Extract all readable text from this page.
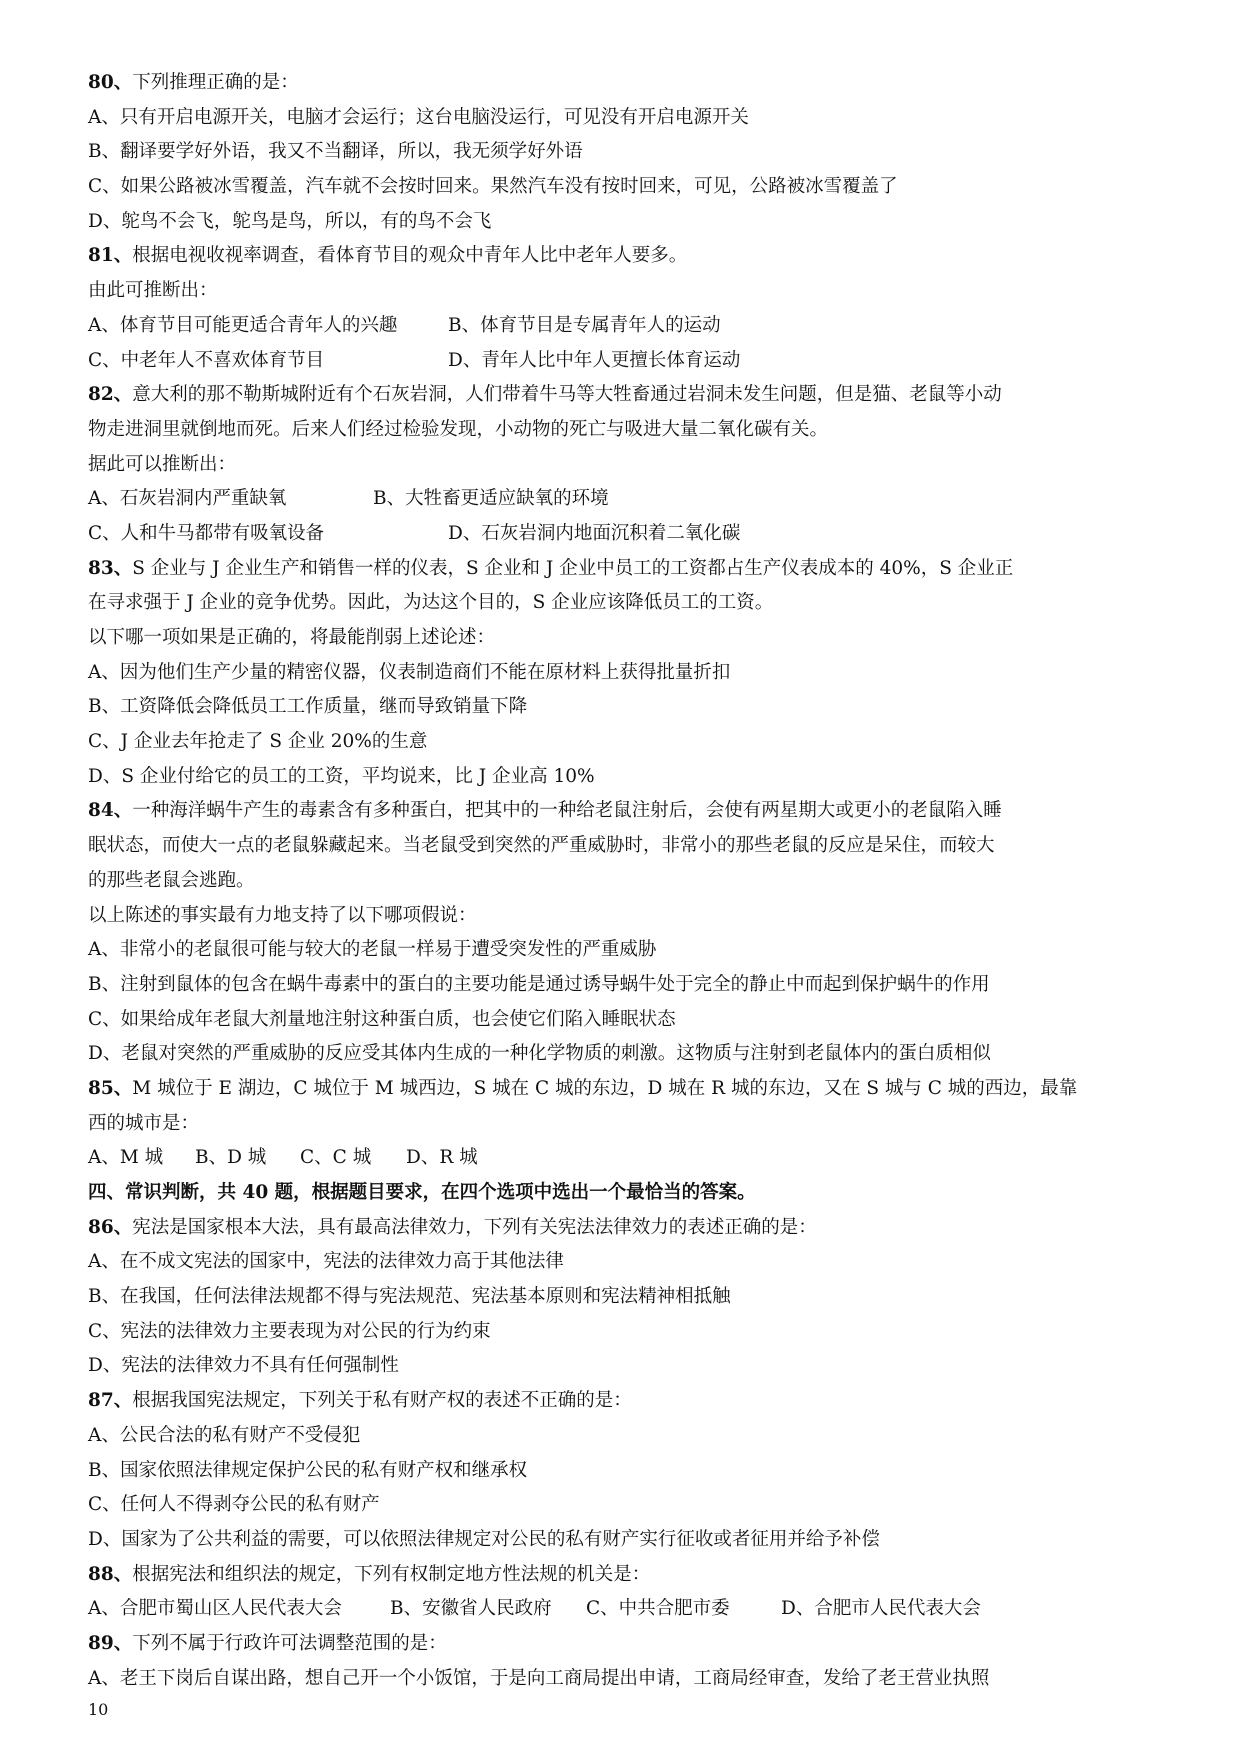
80、下列推理正确的是：
A、只有开启电源开关，电脑才会运行；这台电脑没运行，可见没有开启电源开关
B、翻译要学好外语，我又不当翻译，所以，我无须学好外语
C、如果公路被冰雪覆盖，汽车就不会按时回来。果然汽车没有按时回来，可见，公路被冰雪覆盖了
D、鸵鸟不会飞，鸵鸟是鸟，所以，有的鸟不会飞
81、根据电视收视率调查，看体育节目的观众中青年人比中老年人要多。
由此可推断出：
A、体育节目可能更适合青年人的兴趣	B、体育节目是专属青年人的运动
C、中老年人不喜欢体育节目	D、青年人比中年人更擅长体育运动
82、意大利的那不勒斯城附近有个石灰岩洞，人们带着牛马等大牲畜通过岩洞未发生问题，但是猫、老鼠等小动
物走进洞里就倒地而死。后来人们经过检验发现，小动物的死亡与吸进大量二氧化碳有关。
据此可以推断出：
A、石灰岩洞内严重缺氧	B、大牲畜更适应缺氧的环境
C、人和牛马都带有吸氧设备	D、石灰岩洞内地面沉积着二氧化碳
83、S 企业与 J 企业生产和销售一样的仪表，S 企业和 J 企业中员工的工资都占生产仪表成本的 40%，S 企业正
在寻求强于 J 企业的竞争优势。因此，为达这个目的，S 企业应该降低员工的工资。
以下哪一项如果是正确的，将最能削弱上述论述：
A、因为他们生产少量的精密仪器，仪表制造商们不能在原材料上获得批量折扣
B、工资降低会降低员工工作质量，继而导致销量下降
C、J 企业去年抢走了 S 企业 20%的生意
D、S 企业付给它的员工的工资，平均说来，比 J 企业高 10%
84、一种海洋蜗牛产生的毒素含有多种蛋白，把其中的一种给老鼠注射后，会使有两星期大或更小的老鼠陷入睡
眠状态，而使大一点的老鼠躲藏起来。当老鼠受到突然的严重威胁时，非常小的那些老鼠的反应是呆住，而较大
的那些老鼠会逃跑。
以上陈述的事实最有力地支持了以下哪项假说：
A、非常小的老鼠很可能与较大的老鼠一样易于遭受突发性的严重威胁
B、注射到鼠体的包含在蜗牛毒素中的蛋白的主要功能是通过诱导蜗牛处于完全的静止中而起到保护蜗牛的作用
C、如果给成年老鼠大剂量地注射这种蛋白质，也会使它们陷入睡眠状态
D、老鼠对突然的严重威胁的反应受其体内生成的一种化学物质的刺激。这物质与注射到老鼠体内的蛋白质相似
85、M 城位于 E 湖边，C 城位于 M 城西边，S 城在 C 城的东边，D 城在 R 城的东边，又在 S 城与 C 城的西边，最靠
西的城市是：
A、M 城 B、D 城 C、C 城 D、R 城
四、常识判断，共 40 题，根据题目要求，在四个选项中选出一个最恰当的答案。
86、宪法是国家根本大法，具有最高法律效力，下列有关宪法法律效力的表述正确的是：
A、在不成文宪法的国家中，宪法的法律效力高于其他法律
B、在我国，任何法律法规都不得与宪法规范、宪法基本原则和宪法精神相抵触
C、宪法的法律效力主要表现为对公民的行为约束
D、宪法的法律效力不具有任何强制性
87、根据我国宪法规定，下列关于私有财产权的表述不正确的是：
A、公民合法的私有财产不受侵犯
B、国家依照法律规定保护公民的私有财产权和继承权
C、任何人不得剥夺公民的私有财产
D、国家为了公共利益的需要，可以依照法律规定对公民的私有财产实行征收或者征用并给予补偿
88、根据宪法和组织法的规定，下列有权制定地方性法规的机关是：
A、合肥市蜀山区人民代表大会	B、安徽省人民政府 C、中共合肥市委	D、合肥市人民代表大会
89、下列不属于行政许可法调整范围的是：
A、老王下岗后自谋出路，想自己开一个小饭馆，于是向工商局提出申请，工商局经审查，发给了老王营业执照
10
